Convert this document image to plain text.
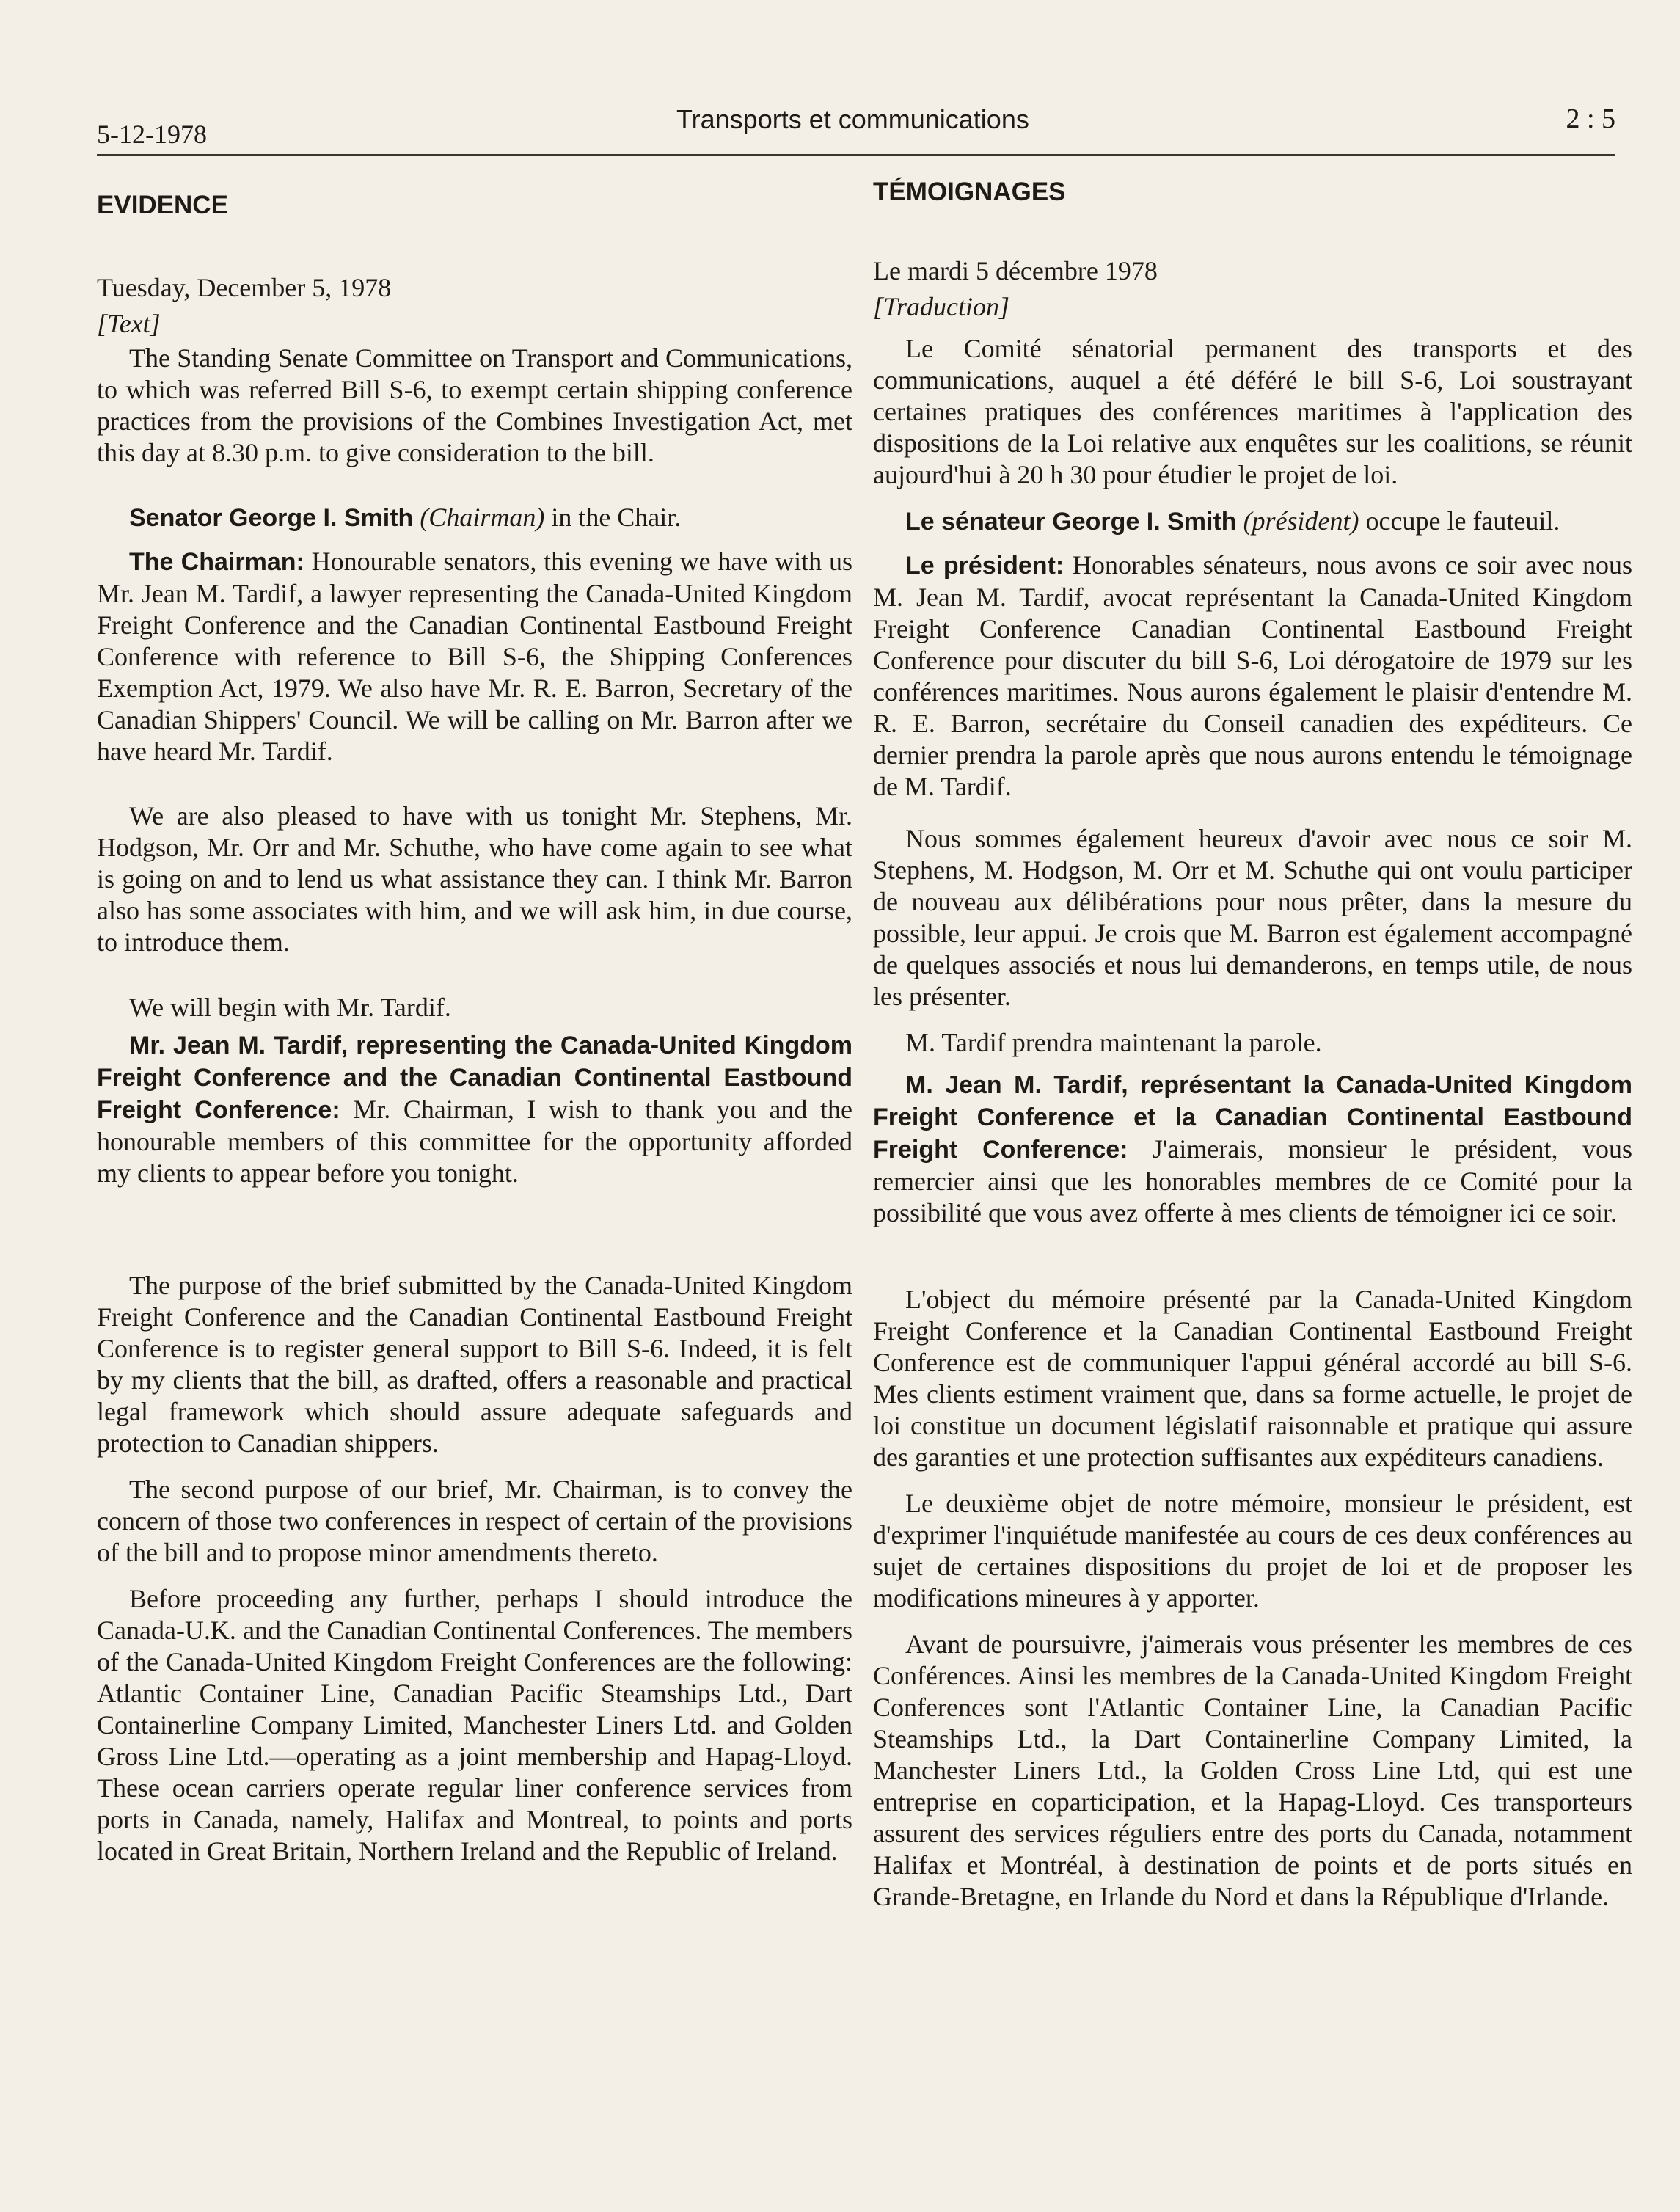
5-12-1978	Transports et communications	2 : 5

EVIDENCE

Tuesday, December 5, 1978

[Text]

The Standing Senate Committee on Transport and Communications, to which was referred Bill S-6, to exempt certain shipping conference practices from the provisions of the Combines Investigation Act, met this day at 8.30 p.m. to give consideration to the bill.

Senator George I. Smith (Chairman) in the Chair.

The Chairman: Honourable senators, this evening we have with us Mr. Jean M. Tardif, a lawyer representing the Canada-United Kingdom Freight Conference and the Canadian Continental Eastbound Freight Conference with reference to Bill S-6, the Shipping Conferences Exemption Act, 1979. We also have Mr. R. E. Barron, Secretary of the Canadian Shippers' Council. We will be calling on Mr. Barron after we have heard Mr. Tardif.

We are also pleased to have with us tonight Mr. Stephens, Mr. Hodgson, Mr. Orr and Mr. Schuthe, who have come again to see what is going on and to lend us what assistance they can. I think Mr. Barron also has some associates with him, and we will ask him, in due course, to introduce them.

We will begin with Mr. Tardif.

Mr. Jean M. Tardif, representing the Canada-United Kingdom Freight Conference and the Canadian Continental Eastbound Freight Conference: Mr. Chairman, I wish to thank you and the honourable members of this committee for the opportunity afforded my clients to appear before you tonight.

The purpose of the brief submitted by the Canada-United Kingdom Freight Conference and the Canadian Continental Eastbound Freight Conference is to register general support to Bill S-6. Indeed, it is felt by my clients that the bill, as drafted, offers a reasonable and practical legal framework which should assure adequate safeguards and protection to Canadian shippers.

The second purpose of our brief, Mr. Chairman, is to convey the concern of those two conferences in respect of certain of the provisions of the bill and to propose minor amendments thereto.

Before proceeding any further, perhaps I should introduce the Canada-U.K. and the Canadian Continental Conferences. The members of the Canada-United Kingdom Freight Conferences are the following: Atlantic Container Line, Canadian Pacific Steamships Ltd., Dart Containerline Company Limited, Manchester Liners Ltd. and Golden Gross Line Ltd.—operating as a joint membership and Hapag-Lloyd. These ocean carriers operate regular liner conference services from ports in Canada, namely, Halifax and Montreal, to points and ports located in Great Britain, Northern Ireland and the Republic of Ireland.

TÉMOIGNAGES

Le mardi 5 décembre 1978

[Traduction]

Le Comité sénatorial permanent des transports et des communications, auquel a été déféré le bill S-6, Loi soustrayant certaines pratiques des conférences maritimes à l'application des dispositions de la Loi relative aux enquêtes sur les coalitions, se réunit aujourd'hui à 20 h 30 pour étudier le projet de loi.

Le sénateur George I. Smith (président) occupe le fauteuil.

Le président: Honorables sénateurs, nous avons ce soir avec nous M. Jean M. Tardif, avocat représentant la Canada-United Kingdom Freight Conference Canadian Continental Eastbound Freight Conference pour discuter du bill S-6, Loi dérogatoire de 1979 sur les conférences maritimes. Nous aurons également le plaisir d'entendre M. R. E. Barron, secrétaire du Conseil canadien des expéditeurs. Ce dernier prendra la parole après que nous aurons entendu le témoignage de M. Tardif.

Nous sommes également heureux d'avoir avec nous ce soir M. Stephens, M. Hodgson, M. Orr et M. Schuthe qui ont voulu participer de nouveau aux délibérations pour nous prêter, dans la mesure du possible, leur appui. Je crois que M. Barron est également accompagné de quelques associés et nous lui demanderons, en temps utile, de nous les présenter.

M. Tardif prendra maintenant la parole.

M. Jean M. Tardif, représentant la Canada-United Kingdom Freight Conference et la Canadian Continental Eastbound Freight Conference: J'aimerais, monsieur le président, vous remercier ainsi que les honorables membres de ce Comité pour la possibilité que vous avez offerte à mes clients de témoigner ici ce soir.

L'object du mémoire présenté par la Canada-United Kingdom Freight Conference et la Canadian Continental Eastbound Freight Conference est de communiquer l'appui général accordé au bill S-6. Mes clients estiment vraiment que, dans sa forme actuelle, le projet de loi constitue un document législatif raisonnable et pratique qui assure des garanties et une protection suffisantes aux expéditeurs canadiens.

Le deuxième objet de notre mémoire, monsieur le président, est d'exprimer l'inquiétude manifestée au cours de ces deux conférences au sujet de certaines dispositions du projet de loi et de proposer les modifications mineures à y apporter.

Avant de poursuivre, j'aimerais vous présenter les membres de ces Conférences. Ainsi les membres de la Canada-United Kingdom Freight Conferences sont l'Atlantic Container Line, la Canadian Pacific Steamships Ltd., la Dart Containerline Company Limited, la Manchester Liners Ltd., la Golden Cross Line Ltd, qui est une entreprise en coparticipation, et la Hapag-Lloyd. Ces transporteurs assurent des services réguliers entre des ports du Canada, notamment Halifax et Montréal, à destination de points et de ports situés en Grande-Bretagne, en Irlande du Nord et dans la République d'Irlande.
